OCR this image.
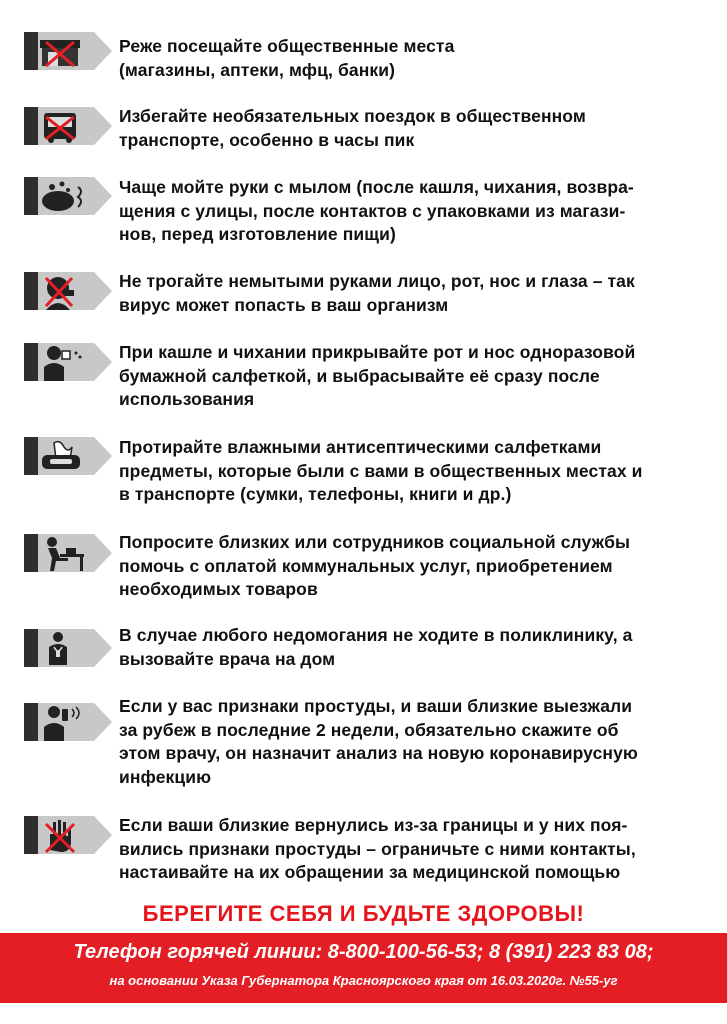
Реже посещайте общественные места
(магазины, аптеки, мфц, банки)
Избегайте необязательных поездок в общественном
транспорте, особенно в часы пик
Чаще мойте руки с мылом (после кашля, чихания, возвра-
щения с улицы, после контактов с упаковками из магази-
нов, перед изготовление пищи)
Не трогайте немытыми руками лицо, рот, нос и глаза – так
вирус может попасть в ваш организм
При кашле и чихании прикрывайте рот и нос одноразовой
бумажной салфеткой, и выбрасывайте её сразу после
использования
Протирайте влажными антисептическими салфетками
предметы, которые были с вами в общественных местах и
в транспорте (сумки, телефоны, книги и др.)
Попросите близких или сотрудников социальной службы
помочь с оплатой коммунальных услуг, приобретением
необходимых товаров
В случае любого недомогания не ходите в поликлинику, а
вызовайте врача на дом
Если у вас признаки простуды, и ваши близкие выезжали
за рубеж в последние 2 недели, обязательно скажите об
этом врачу, он назначит анализ на новую коронавирусную
инфекцию
Если ваши близкие вернулись из-за границы и у них поя-
вились признаки простуды – ограничьте с ними контакты,
настаивайте на их обращении за медицинской помощью
БЕРЕГИТЕ СЕБЯ И БУДЬТЕ ЗДОРОВЫ!
Телефон горячей линии: 8-800-100-56-53; 8 (391) 223 83 08;
на основании Указа Губернатора Красноярского края от 16.03.2020г. №55-уг
